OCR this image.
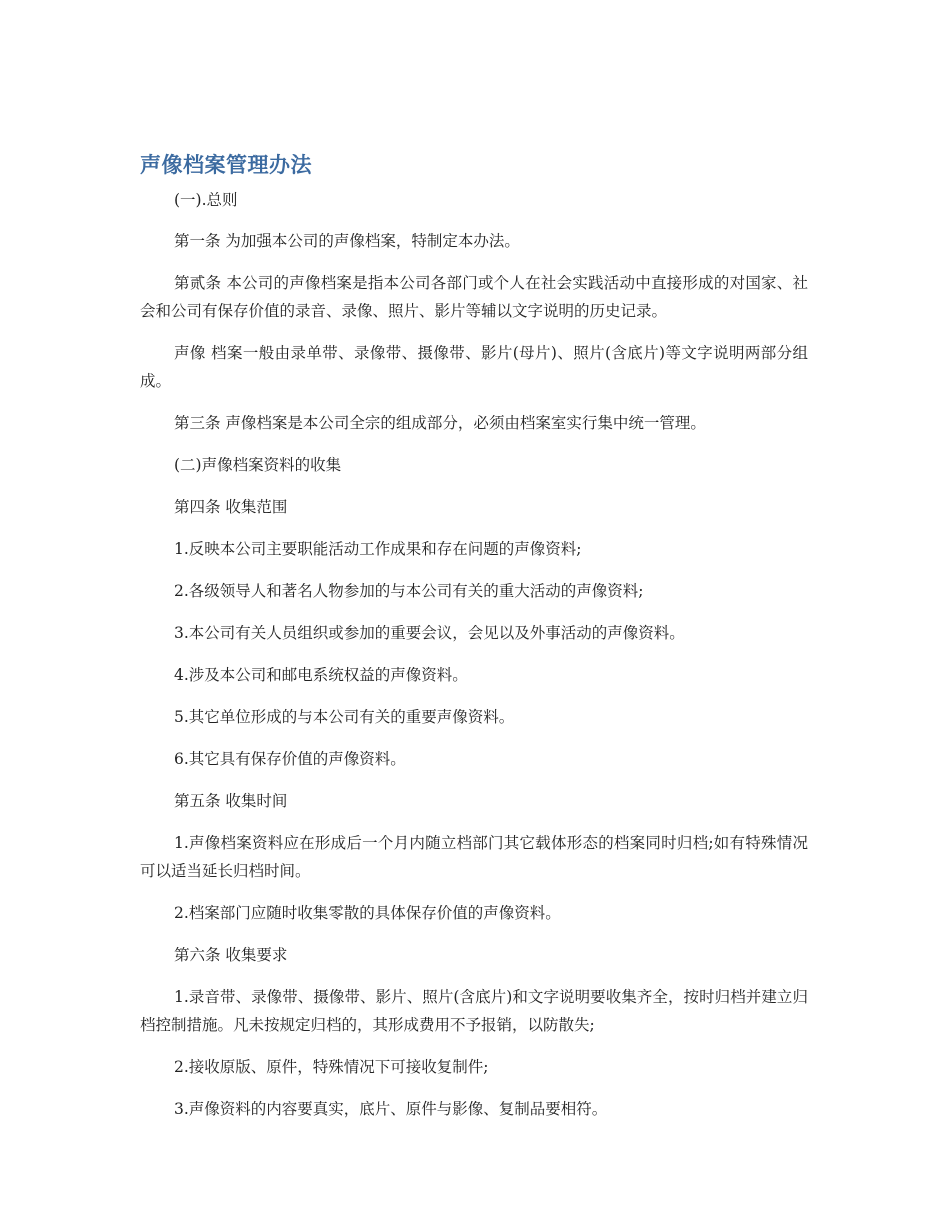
声像档案管理办法

(一).总则

第一条 为加强本公司的声像档案，特制定本办法。

第贰条 本公司的声像档案是指本公司各部门或个人在社会实践活动中直接形成的对国家、社会和公司有保存价值的录音、录像、照片、影片等辅以文字说明的历史记录。

声像 档案一般由录单带、录像带、摄像带、影片(母片)、照片(含底片)等文字说明两部分组成。

第三条 声像档案是本公司全宗的组成部分，必须由档案室实行集中统一管理。

(二)声像档案资料的收集

第四条 收集范围

1.反映本公司主要职能活动工作成果和存在问题的声像资料;

2.各级领导人和著名人物参加的与本公司有关的重大活动的声像资料;

3.本公司有关人员组织或参加的重要会议，会见以及外事活动的声像资料。

4.涉及本公司和邮电系统权益的声像资料。

5.其它单位形成的与本公司有关的重要声像资料。

6.其它具有保存价值的声像资料。

第五条 收集时间

1.声像档案资料应在形成后一个月内随立档部门其它载体形态的档案同时归档;如有特殊情况可以适当延长归档时间。

2.档案部门应随时收集零散的具体保存价值的声像资料。

第六条 收集要求

1.录音带、录像带、摄像带、影片、照片(含底片)和文字说明要收集齐全，按时归档并建立归档控制措施。凡未按规定归档的，其形成费用不予报销，以防散失;

2.接收原版、原件，特殊情况下可接收复制件;

3.声像资料的内容要真实，底片、原件与影像、复制品要相符。
